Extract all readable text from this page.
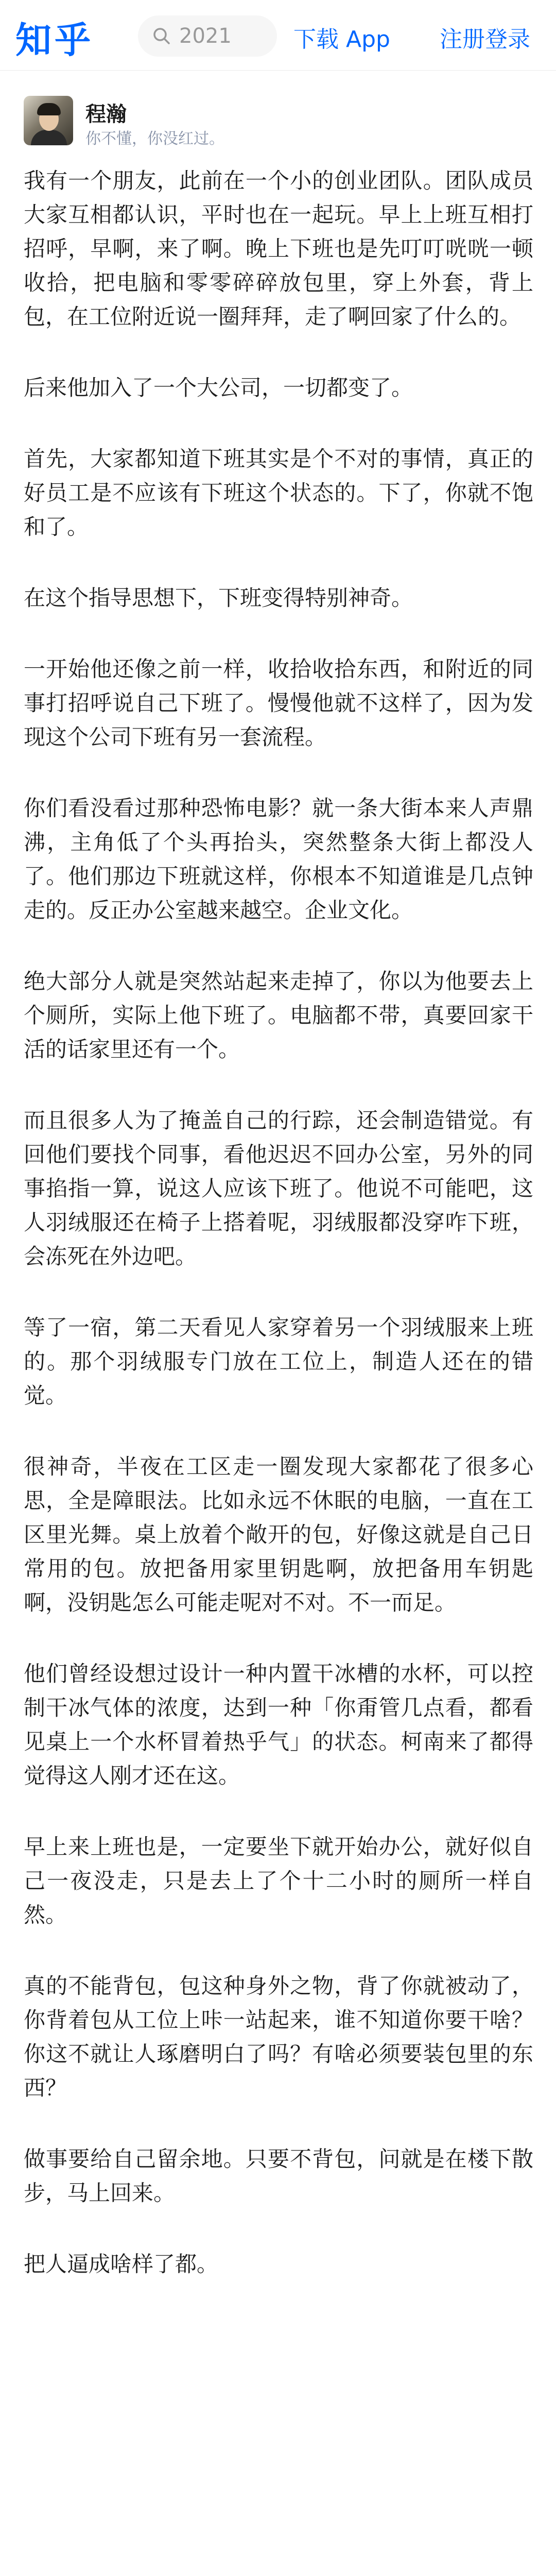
知乎	2021	下载 App 注册登录
程瀚
你不懂，你没红过。

我有一个朋友，此前在一个小的创业团队。团队成员大家互相都认识，平时也在一起玩。早上上班互相打招呼，早啊，来了啊。晚上下班也是先叮叮咣咣一顿收拾，把电脑和零零碎碎放包里，穿上外套，背上包，在工位附近说一圈拜拜，走了啊回家了什么的。

后来他加入了一个大公司，一切都变了。

首先，大家都知道下班其实是个不对的事情，真正的好员工是不应该有下班这个状态的。下了，你就不饱和了。

在这个指导思想下，下班变得特别神奇。

一开始他还像之前一样，收拾收拾东西，和附近的同事打招呼说自己下班了。慢慢他就不这样了，因为发现这个公司下班有另一套流程。

你们看没看过那种恐怖电影？就一条大街本来人声鼎沸，主角低了个头再抬头，突然整条大街上都没人了。他们那边下班就这样，你根本不知道谁是几点钟走的。反正办公室越来越空。企业文化。

绝大部分人就是突然站起来走掉了，你以为他要去上个厕所，实际上他下班了。电脑都不带，真要回家干活的话家里还有一个。

而且很多人为了掩盖自己的行踪，还会制造错觉。有回他们要找个同事，看他迟迟不回办公室，另外的同事掐指一算，说这人应该下班了。他说不可能吧，这人羽绒服还在椅子上搭着呢，羽绒服都没穿咋下班，会冻死在外边吧。

等了一宿，第二天看见人家穿着另一个羽绒服来上班的。那个羽绒服专门放在工位上，制造人还在的错觉。

很神奇，半夜在工区走一圈发现大家都花了很多心思，全是障眼法。比如永远不休眠的电脑，一直在工区里光舞。桌上放着个敞开的包，好像这就是自己日常用的包。放把备用家里钥匙啊，放把备用车钥匙啊，没钥匙怎么可能走呢对不对。不一而足。

他们曾经设想过设计一种内置干冰槽的水杯，可以控制干冰气体的浓度，达到一种「你甭管几点看，都看见桌上一个水杯冒着热乎气」的状态。柯南来了都得觉得这人刚才还在这。

早上来上班也是，一定要坐下就开始办公，就好似自己一夜没走，只是去上了个十二小时的厕所一样自然。

真的不能背包，包这种身外之物，背了你就被动了，你背着包从工位上咔一站起来，谁不知道你要干啥？你这不就让人琢磨明白了吗？有啥必须要装包里的东西？

做事要给自己留余地。只要不背包，问就是在楼下散步，马上回来。

把人逼成啥样了都。
